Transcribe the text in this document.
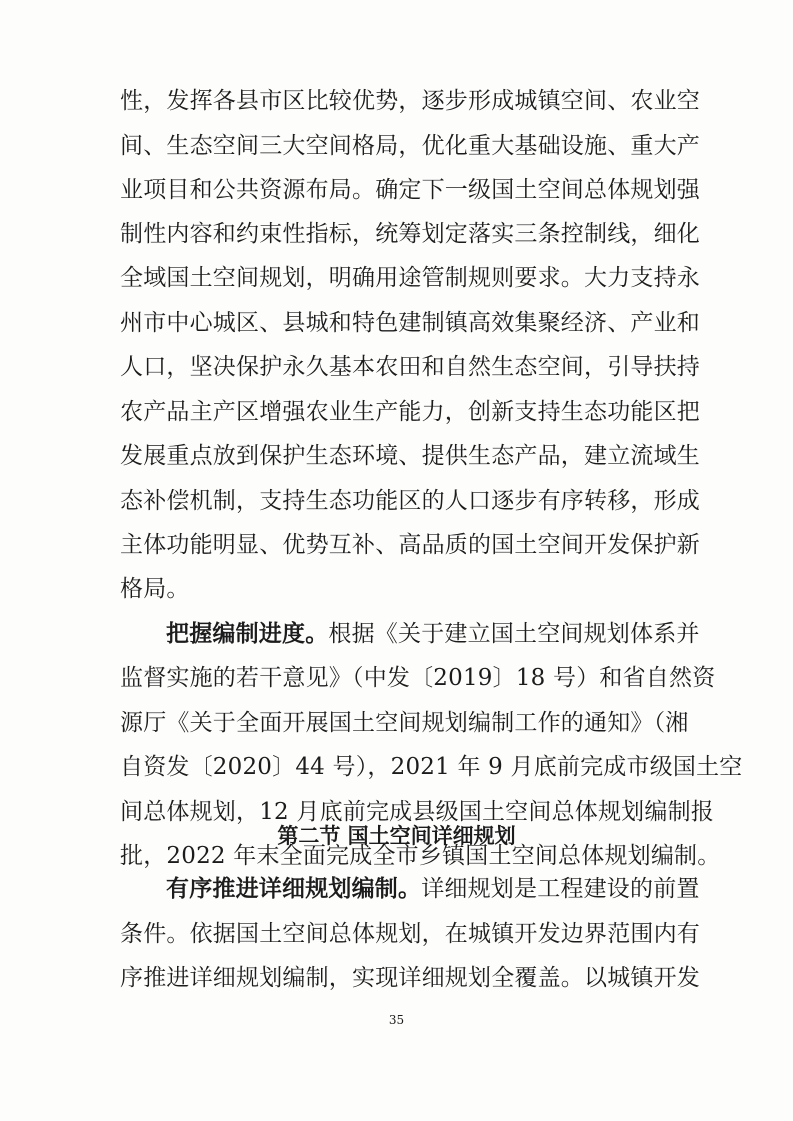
性，发挥各县市区比较优势，逐步形成城镇空间、农业空
间、生态空间三大空间格局，优化重大基础设施、重大产
业项目和公共资源布局。确定下一级国土空间总体规划强
制性内容和约束性指标，统筹划定落实三条控制线，细化
全域国土空间规划，明确用途管制规则要求。大力支持永
州市中心城区、县城和特色建制镇高效集聚经济、产业和
人口，坚决保护永久基本农田和自然生态空间，引导扶持
农产品主产区增强农业生产能力，创新支持生态功能区把
发展重点放到保护生态环境、提供生态产品，建立流域生
态补偿机制，支持生态功能区的人口逐步有序转移，形成
主体功能明显、优势互补、高品质的国土空间开发保护新
格局。
把握编制进度。根据《关于建立国土空间规划体系并
监督实施的若干意见》（中发〔2019〕18 号）和省自然资
源厅《关于全面开展国土空间规划编制工作的通知》（湘
自资发〔2020〕44 号），2021 年 9 月底前完成市级国土空
间总体规划，12 月底前完成县级国土空间总体规划编制报
批，2022 年末全面完成全市乡镇国土空间总体规划编制。
第二节 国土空间详细规划
有序推进详细规划编制。详细规划是工程建设的前置
条件。依据国土空间总体规划，在城镇开发边界范围内有
序推进详细规划编制，实现详细规划全覆盖。以城镇开发
35
